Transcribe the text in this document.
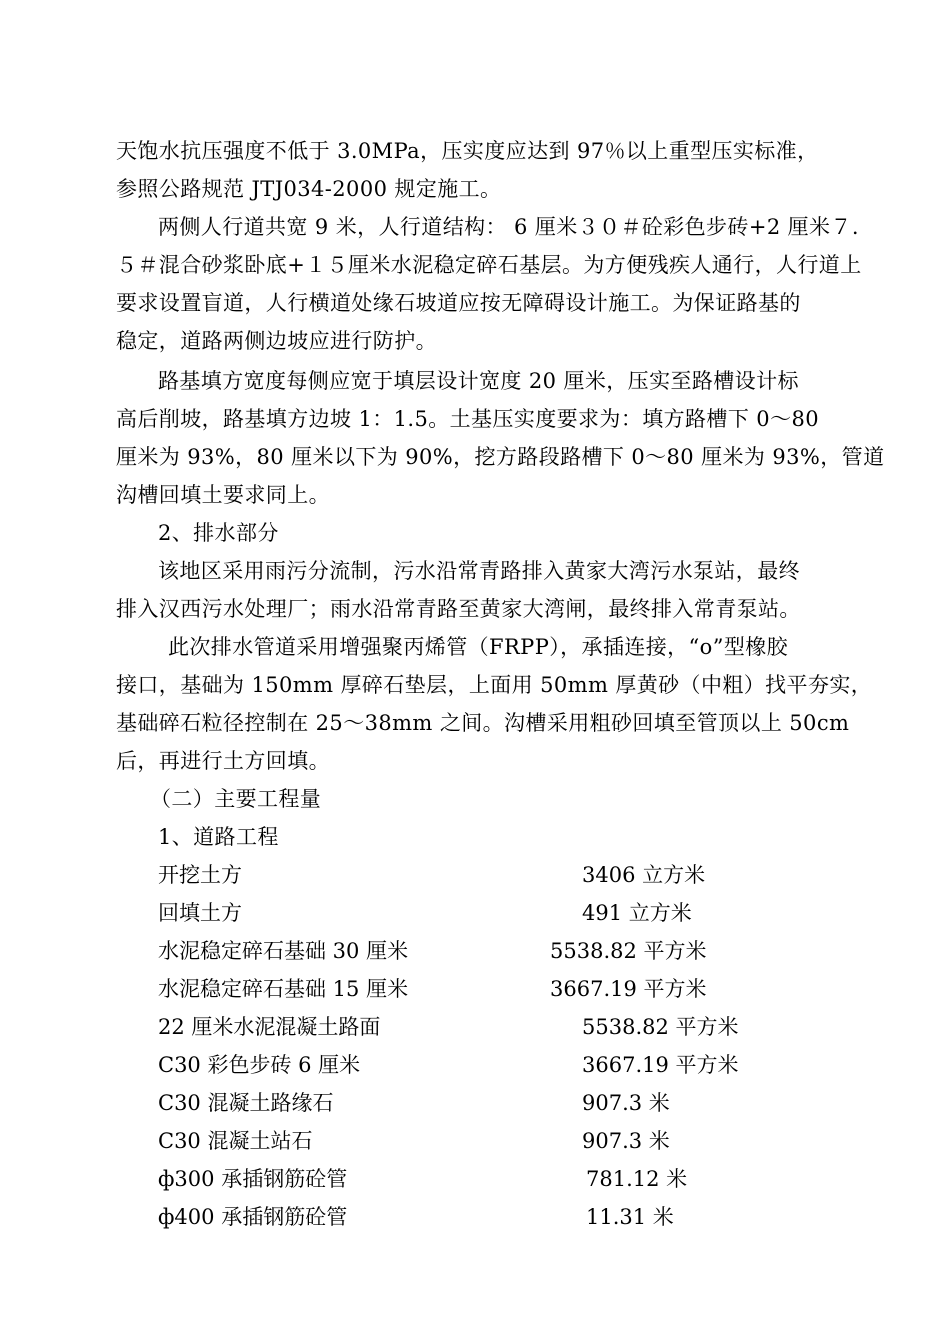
天饱水抗压强度不低于 3.0MPa，压实度应达到 97％以上重型压实标准，
参照公路规范 JTJ034-2000 规定施工。
两侧人行道共宽 9 米，人行道结构： 6 厘米３０＃砼彩色步砖+2 厘米７.
５＃混合砂浆卧底+１５厘米水泥稳定碎石基层。为方便残疾人通行，人行道上
要求设置盲道，人行横道处缘石坡道应按无障碍设计施工。为保证路基的
稳定，道路两侧边坡应进行防护。
路基填方宽度每侧应宽于填层设计宽度 20 厘米，压实至路槽设计标
高后削坡，路基填方边坡 1：1.5。土基压实度要求为：填方路槽下 0～80
厘米为 93%，80 厘米以下为 90%，挖方路段路槽下 0～80 厘米为 93%，管道
沟槽回填土要求同上。
2、排水部分
该地区采用雨污分流制，污水沿常青路排入黄家大湾污水泵站，最终
排入汉西污水处理厂；雨水沿常青路至黄家大湾闸，最终排入常青泵站。
此次排水管道采用增强聚丙烯管（FRPP），承插连接，“o”型橡胶
接口，基础为 150mm 厚碎石垫层，上面用 50mm 厚黄砂（中粗）找平夯实，
基础碎石粒径控制在 25～38mm 之间。沟槽采用粗砂回填至管顶以上 50cm
后，再进行土方回填。
（二）主要工程量
1、道路工程
开挖土方	3406 立方米
回填土方	491 立方米
水泥稳定碎石基础 30 厘米	5538.82 平方米
水泥稳定碎石基础 15 厘米	3667.19 平方米
22 厘米水泥混凝土路面	5538.82 平方米
C30 彩色步砖 6 厘米	3667.19 平方米
C30 混凝土路缘石	907.3 米
C30 混凝土站石	907.3 米
ф300 承插钢筋砼管	781.12 米
ф400 承插钢筋砼管	11.31 米
